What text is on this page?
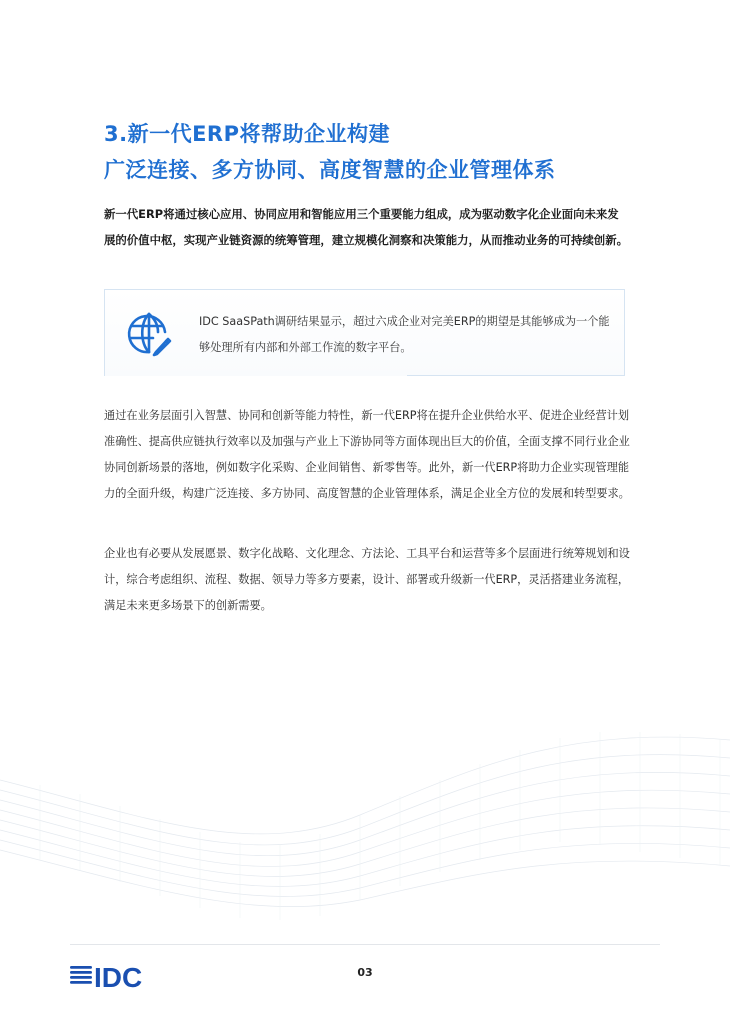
3.新一代ERP将帮助企业构建
广泛连接、多方协同、高度智慧的企业管理体系

新一代ERP将通过核心应用、协同应用和智能应用三个重要能力组成，成为驱动数字化企业面向未来发展的价值中枢，实现产业链资源的统筹管理，建立规模化洞察和决策能力，从而推动业务的可持续创新。

IDC SaaSPath调研结果显示，超过六成企业对完美ERP的期望是其能够成为一个能够处理所有内部和外部工作流的数字平台。

通过在业务层面引入智慧、协同和创新等能力特性，新一代ERP将在提升企业供给水平、促进企业经营计划准确性、提高供应链执行效率以及加强与产业上下游协同等方面体现出巨大的价值，全面支撑不同行业企业协同创新场景的落地，例如数字化采购、企业间销售、新零售等。此外，新一代ERP将助力企业实现管理能力的全面升级，构建广泛连接、多方协同、高度智慧的企业管理体系，满足企业全方位的发展和转型要求。

企业也有必要从发展愿景、数字化战略、文化理念、方法论、工具平台和运营等多个层面进行统筹规划和设计，综合考虑组织、流程、数据、领导力等多方要素，设计、部署或升级新一代ERP，灵活搭建业务流程，满足未来更多场景下的创新需要。

IDC	03
